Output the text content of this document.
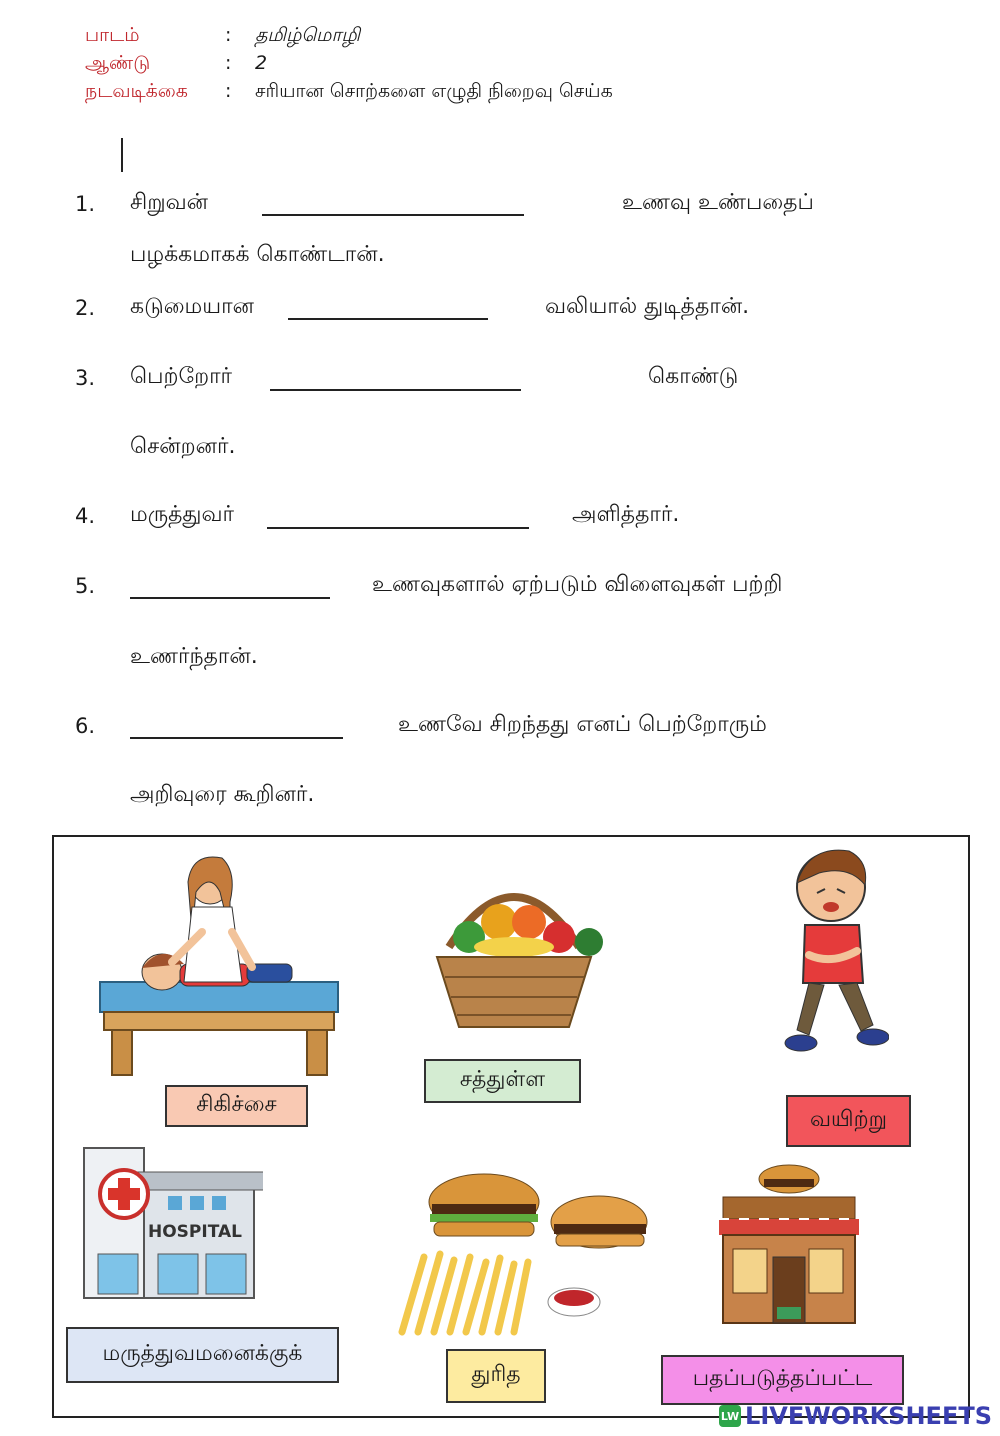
பாடம்	: தமிழ்மொழி
ஆண்டு	: 2
நடவடிக்கை : சரியான சொற்களை எழுதி நிறைவு செய்க
1. சிறுவன்	உணவு உண்பதைப்
பழக்கமாகக் கொண்டான்.
2. கடுமையான	வலியால் துடித்தான்.
3. பெற்றோர்	கொண்டு
சென்றனர்.
4. மருத்துவர்	அளித்தார்.
5.	உணவுகளால் ஏற்படும் விளைவுகள் பற்றி
உணர்ந்தான்.
6.	உணவே சிறந்தது எனப் பெற்றோரும்
அறிவுரை கூறினர்.
HOSPITAL
சிகிச்சை
சத்துள்ள
வயிற்று
மருத்துவமனைக்குக்
துரித	பதப்படுத்தப்பட்ட
LW LIVEWORKSHEETS
